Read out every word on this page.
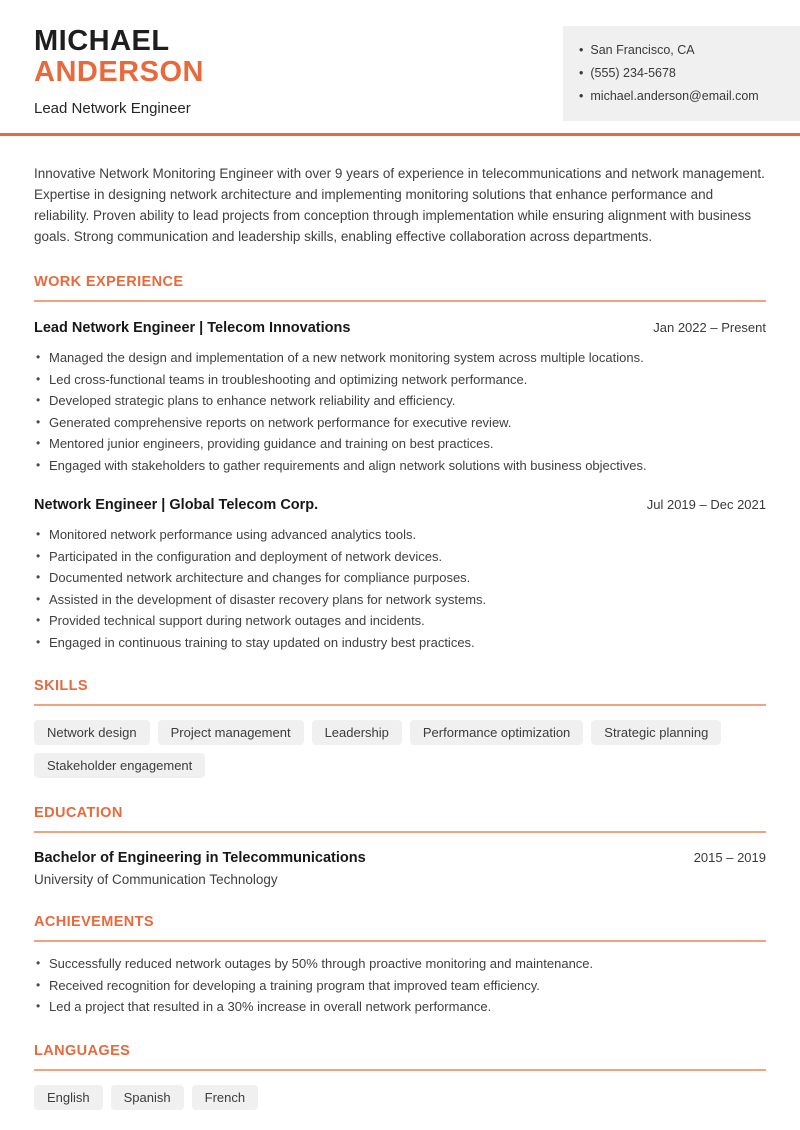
MICHAEL
ANDERSON
Lead Network Engineer
• San Francisco, CA
• (555) 234-5678
• michael.anderson@email.com

Innovative Network Monitoring Engineer with over 9 years of experience in telecommunications and network management. Expertise in designing network architecture and implementing monitoring solutions that enhance performance and reliability. Proven ability to lead projects from conception through implementation while ensuring alignment with business goals. Strong communication and leadership skills, enabling effective collaboration across departments.

WORK EXPERIENCE
Lead Network Engineer | Telecom Innovations	Jan 2022 – Present
• Managed the design and implementation of a new network monitoring system across multiple locations.
• Led cross-functional teams in troubleshooting and optimizing network performance.
• Developed strategic plans to enhance network reliability and efficiency.
• Generated comprehensive reports on network performance for executive review.
• Mentored junior engineers, providing guidance and training on best practices.
• Engaged with stakeholders to gather requirements and align network solutions with business objectives.
Network Engineer | Global Telecom Corp.	Jul 2019 – Dec 2021
• Monitored network performance using advanced analytics tools.
• Participated in the configuration and deployment of network devices.
• Documented network architecture and changes for compliance purposes.
• Assisted in the development of disaster recovery plans for network systems.
• Provided technical support during network outages and incidents.
• Engaged in continuous training to stay updated on industry best practices.
SKILLS
Network design	Project management	Leadership	Performance optimization	Strategic planning
Stakeholder engagement
EDUCATION
Bachelor of Engineering in Telecommunications	2015 – 2019
University of Communication Technology
ACHIEVEMENTS
• Successfully reduced network outages by 50% through proactive monitoring and maintenance.
• Received recognition for developing a training program that improved team efficiency.
• Led a project that resulted in a 30% increase in overall network performance.
LANGUAGES
English	Spanish	French
